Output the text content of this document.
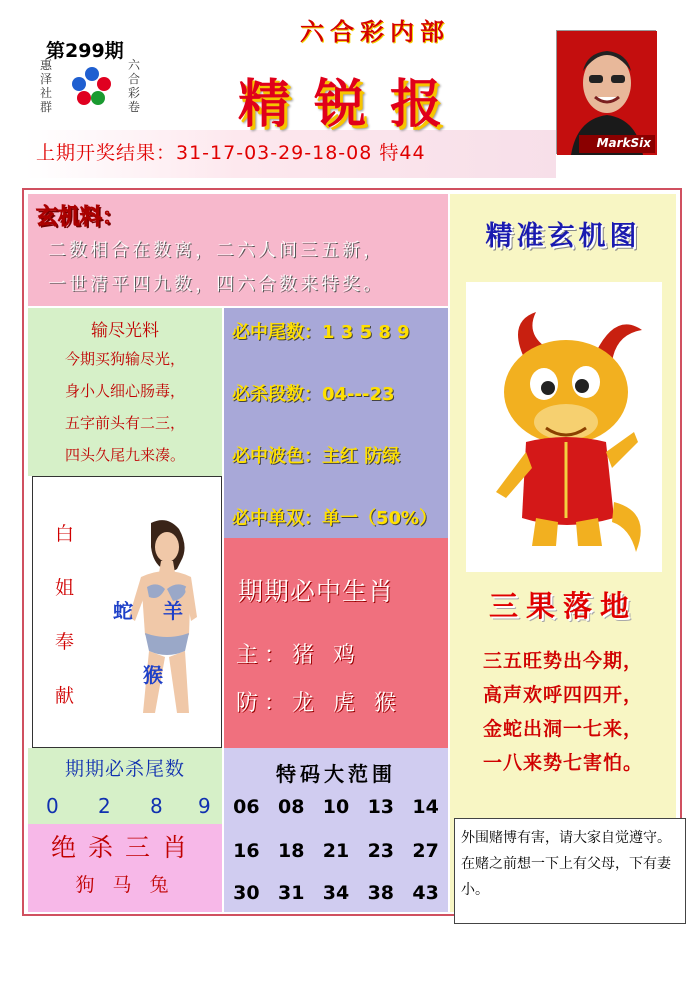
第299期
惠泽社群
六合彩卷
六合彩内部
精锐报
上期开奖结果：31-17-03-29-18-08 特44	MarkSix
玄机料：
二数相合在数离，二六人间三五新，
一世清平四九数，四六合数来特奖。
输尽光料
今期买狗输尽光，
身小人细心肠毒，
五字前头有二三，
四头久尾九来凑。
白
姐
奉
献
蛇 羊
猴
必中尾数：1 3 5 8 9
必杀段数：04---23
必中波色：主红 防绿
必中单双：单一（50%）
期期必中生肖
主：猪 鸡
防：龙 虎 猴
期期必杀尾数
0 2 8 9
绝杀三肖
狗 马 兔
特码大范围
06 08 10 13 14
16 18 21 23 27
30 31 34 38 43
精准玄机图
三果落地
三五旺势出今期，
高声欢呼四四开，
金蛇出洞一七来，
一八来势七害怕。
外围赌博有害，请大家自觉遵守。在赌之前想一下上有父母，下有妻小。
